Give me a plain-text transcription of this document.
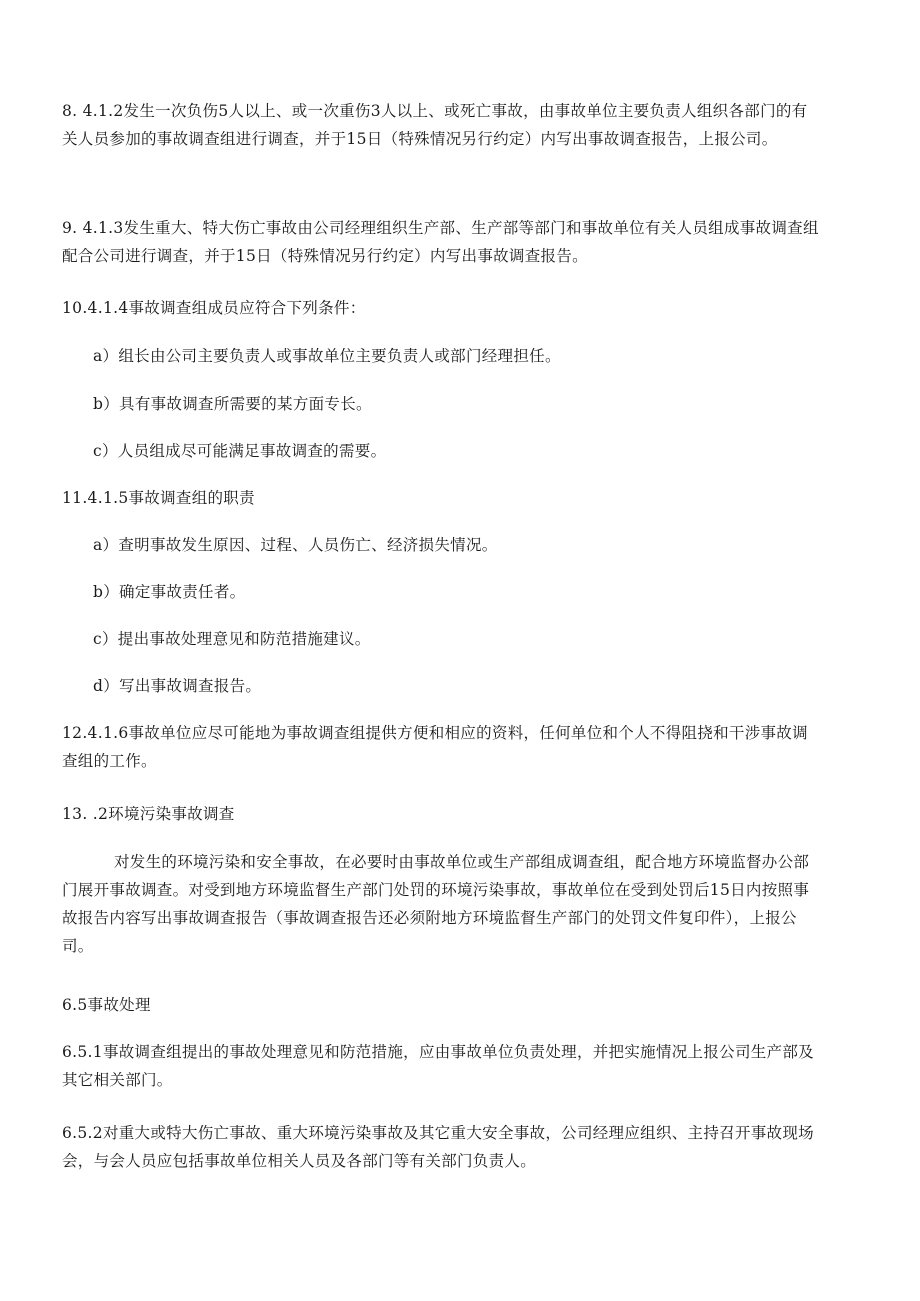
8. 4.1.2发生一次负伤5人以上、或一次重伤3人以上、或死亡事故，由事故单位主要负责人组织各部门的有关人员参加的事故调查组进行调查，并于15日（特殊情况另行约定）内写出事故调查报告，上报公司。

9. 4.1.3发生重大、特大伤亡事故由公司经理组织生产部、生产部等部门和事故单位有关人员组成事故调查组配合公司进行调查，并于15日（特殊情况另行约定）内写出事故调查报告。

10.4.1.4事故调查组成员应符合下列条件：

a）组长由公司主要负责人或事故单位主要负责人或部门经理担任。

b）具有事故调查所需要的某方面专长。

c）人员组成尽可能满足事故调查的需要。

11.4.1.5事故调查组的职责

a）查明事故发生原因、过程、人员伤亡、经济损失情况。

b）确定事故责任者。

c）提出事故处理意见和防范措施建议。

d）写出事故调查报告。

12.4.1.6事故单位应尽可能地为事故调查组提供方便和相应的资料，任何单位和个人不得阻挠和干涉事故调查组的工作。

13. .2环境污染事故调查

对发生的环境污染和安全事故，在必要时由事故单位或生产部组成调查组，配合地方环境监督办公部门展开事故调查。对受到地方环境监督生产部门处罚的环境污染事故，事故单位在受到处罚后15日内按照事故报告内容写出事故调查报告（事故调查报告还必须附地方环境监督生产部门的处罚文件复印件），上报公司。

6.5事故处理

6.5.1事故调查组提出的事故处理意见和防范措施，应由事故单位负责处理，并把实施情况上报公司生产部及其它相关部门。

6.5.2对重大或特大伤亡事故、重大环境污染事故及其它重大安全事故，公司经理应组织、主持召开事故现场会，与会人员应包括事故单位相关人员及各部门等有关部门负责人。
